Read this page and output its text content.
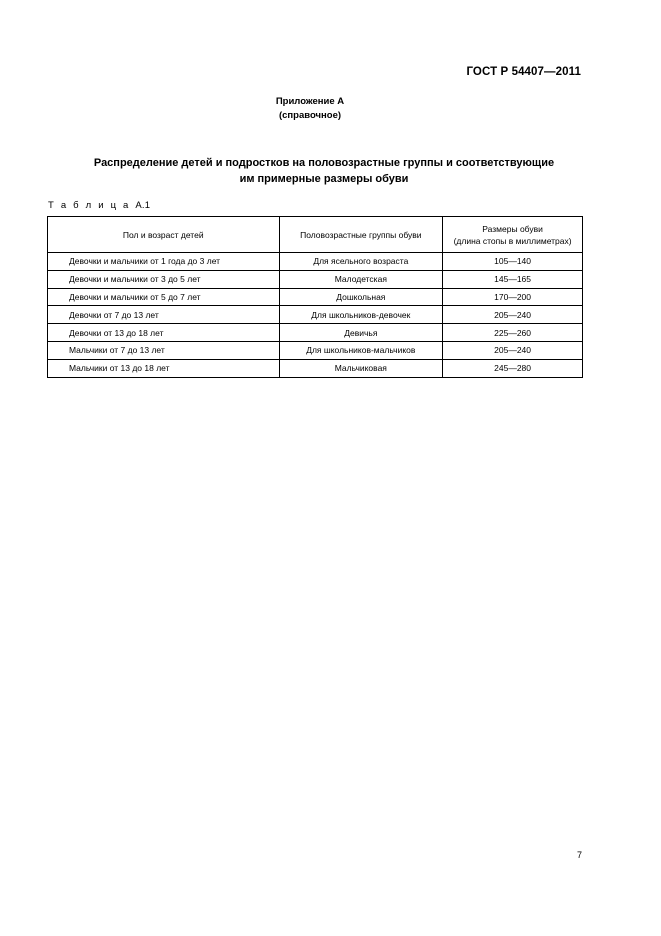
ГОСТ Р 54407—2011
Приложение А
(справочное)
Распределение детей и подростков на половозрастные группы и соответствующие
им примерные размеры обуви
Т а б л и ц а А.1
Пол и возраст детей	Половозрастные группы обуви	Размеры обуви
(длина стопы в миллиметрах)

Девочки и мальчики от 1 года до 3 лет	Для ясельного возраста	105—140
Девочки и мальчики от 3 до 5 лет	Малодетская	145—165
Девочки и мальчики от 5 до 7 лет	Дошкольная	170—200
Девочки от 7 до 13 лет	Для школьников-девочек	205—240
Девочки от 13 до 18 лет	Девичья	225—260
Мальчики от 7 до 13 лет	Для школьников-мальчиков	205—240
Мальчики от 13 до 18 лет	Мальчиковая	245—280
7
